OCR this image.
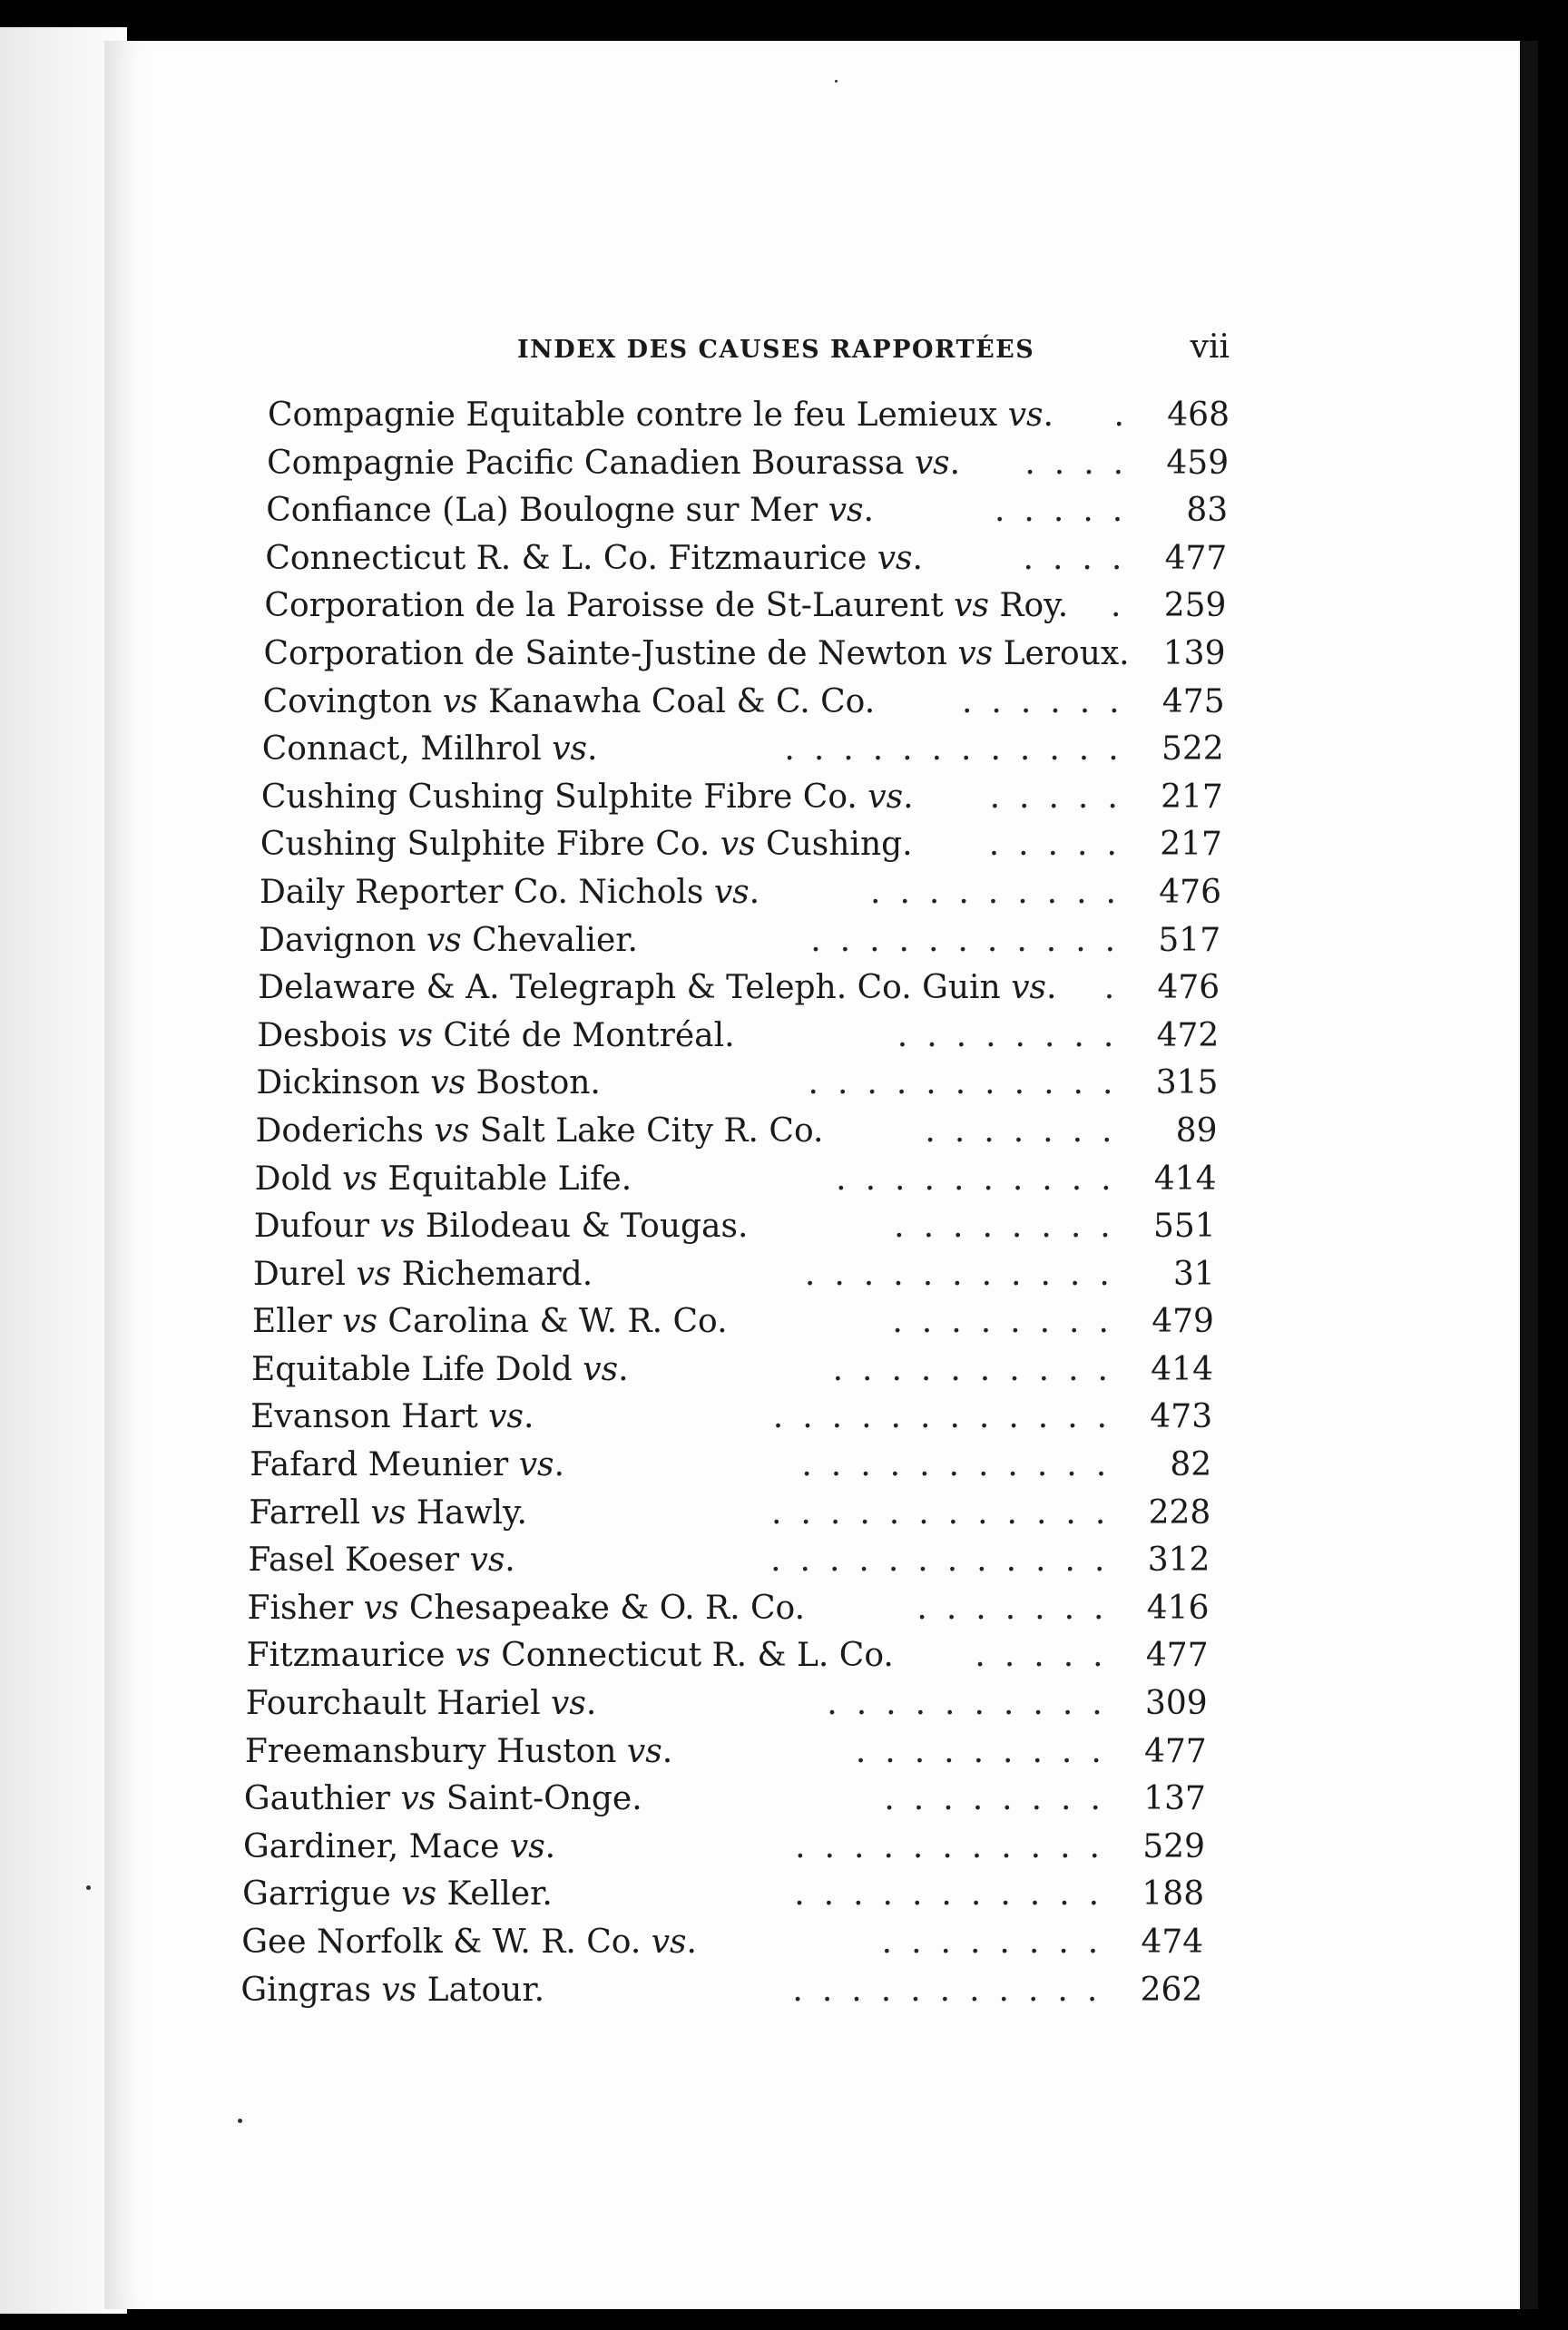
INDEX DES CAUSES RAPPORTÉES	vii
Compagnie Equitable contre le feu Lemieux vs. . 468
Compagnie Pacific Canadien Bourassa vs. .... 459
Confiance (La) Boulogne sur Mer vs.	.....	83
Connecticut R. & L. Co. Fitzmaurice vs.	.... 477
Corporation de la Paroisse de St-Laurent vs Roy. . 259
Corporation de Sainte-Justine de Newton vs Leroux.	139
Covington vs Kanawha Coal & C. Co.	...... 475
Connact, Milhrol vs.	............ 522
Cushing Cushing Sulphite Fibre Co. vs. ..... 217
Cushing Sulphite Fibre Co. vs Cushing. ..... 217
Daily Reporter Co. Nichols vs.	......... 476
Davignon vs Chevalier.	........... 517
Delaware & A. Telegraph & Teleph. Co. Guin vs. . 476
Desbois vs Cité de Montréal.	........ 472
Dickinson vs Boston.	........... 315
Doderichs vs Salt Lake City R. Co.	.......	89
Dold vs Equitable Life.	.......... 414
Dufour vs Bilodeau & Tougas.	........ 551
Durel vs Richemard.	...........	31
Eller vs Carolina & W. R. Co.	........ 479
Equitable Life Dold vs.	.......... 414
Evanson Hart vs.	............ 473
Fafard Meunier vs.	...........	82
Farrell vs Hawly.	............ 228
Fasel Koeser vs.	............ 312
Fisher vs Chesapeake & O. R. Co.	....... 416
Fitzmaurice vs Connecticut R. & L. Co. ..... 477
Fourchault Hariel vs.	.......... 309
Freemansbury Huston vs.	......... 477
Gauthier vs Saint-Onge.	........ 137
Gardiner, Mace vs.	........... 529
Garrigue vs Keller.	........... 188
Gee Norfolk & W. R. Co. vs.	........ 474
Gingras vs Latour.	........... 262
